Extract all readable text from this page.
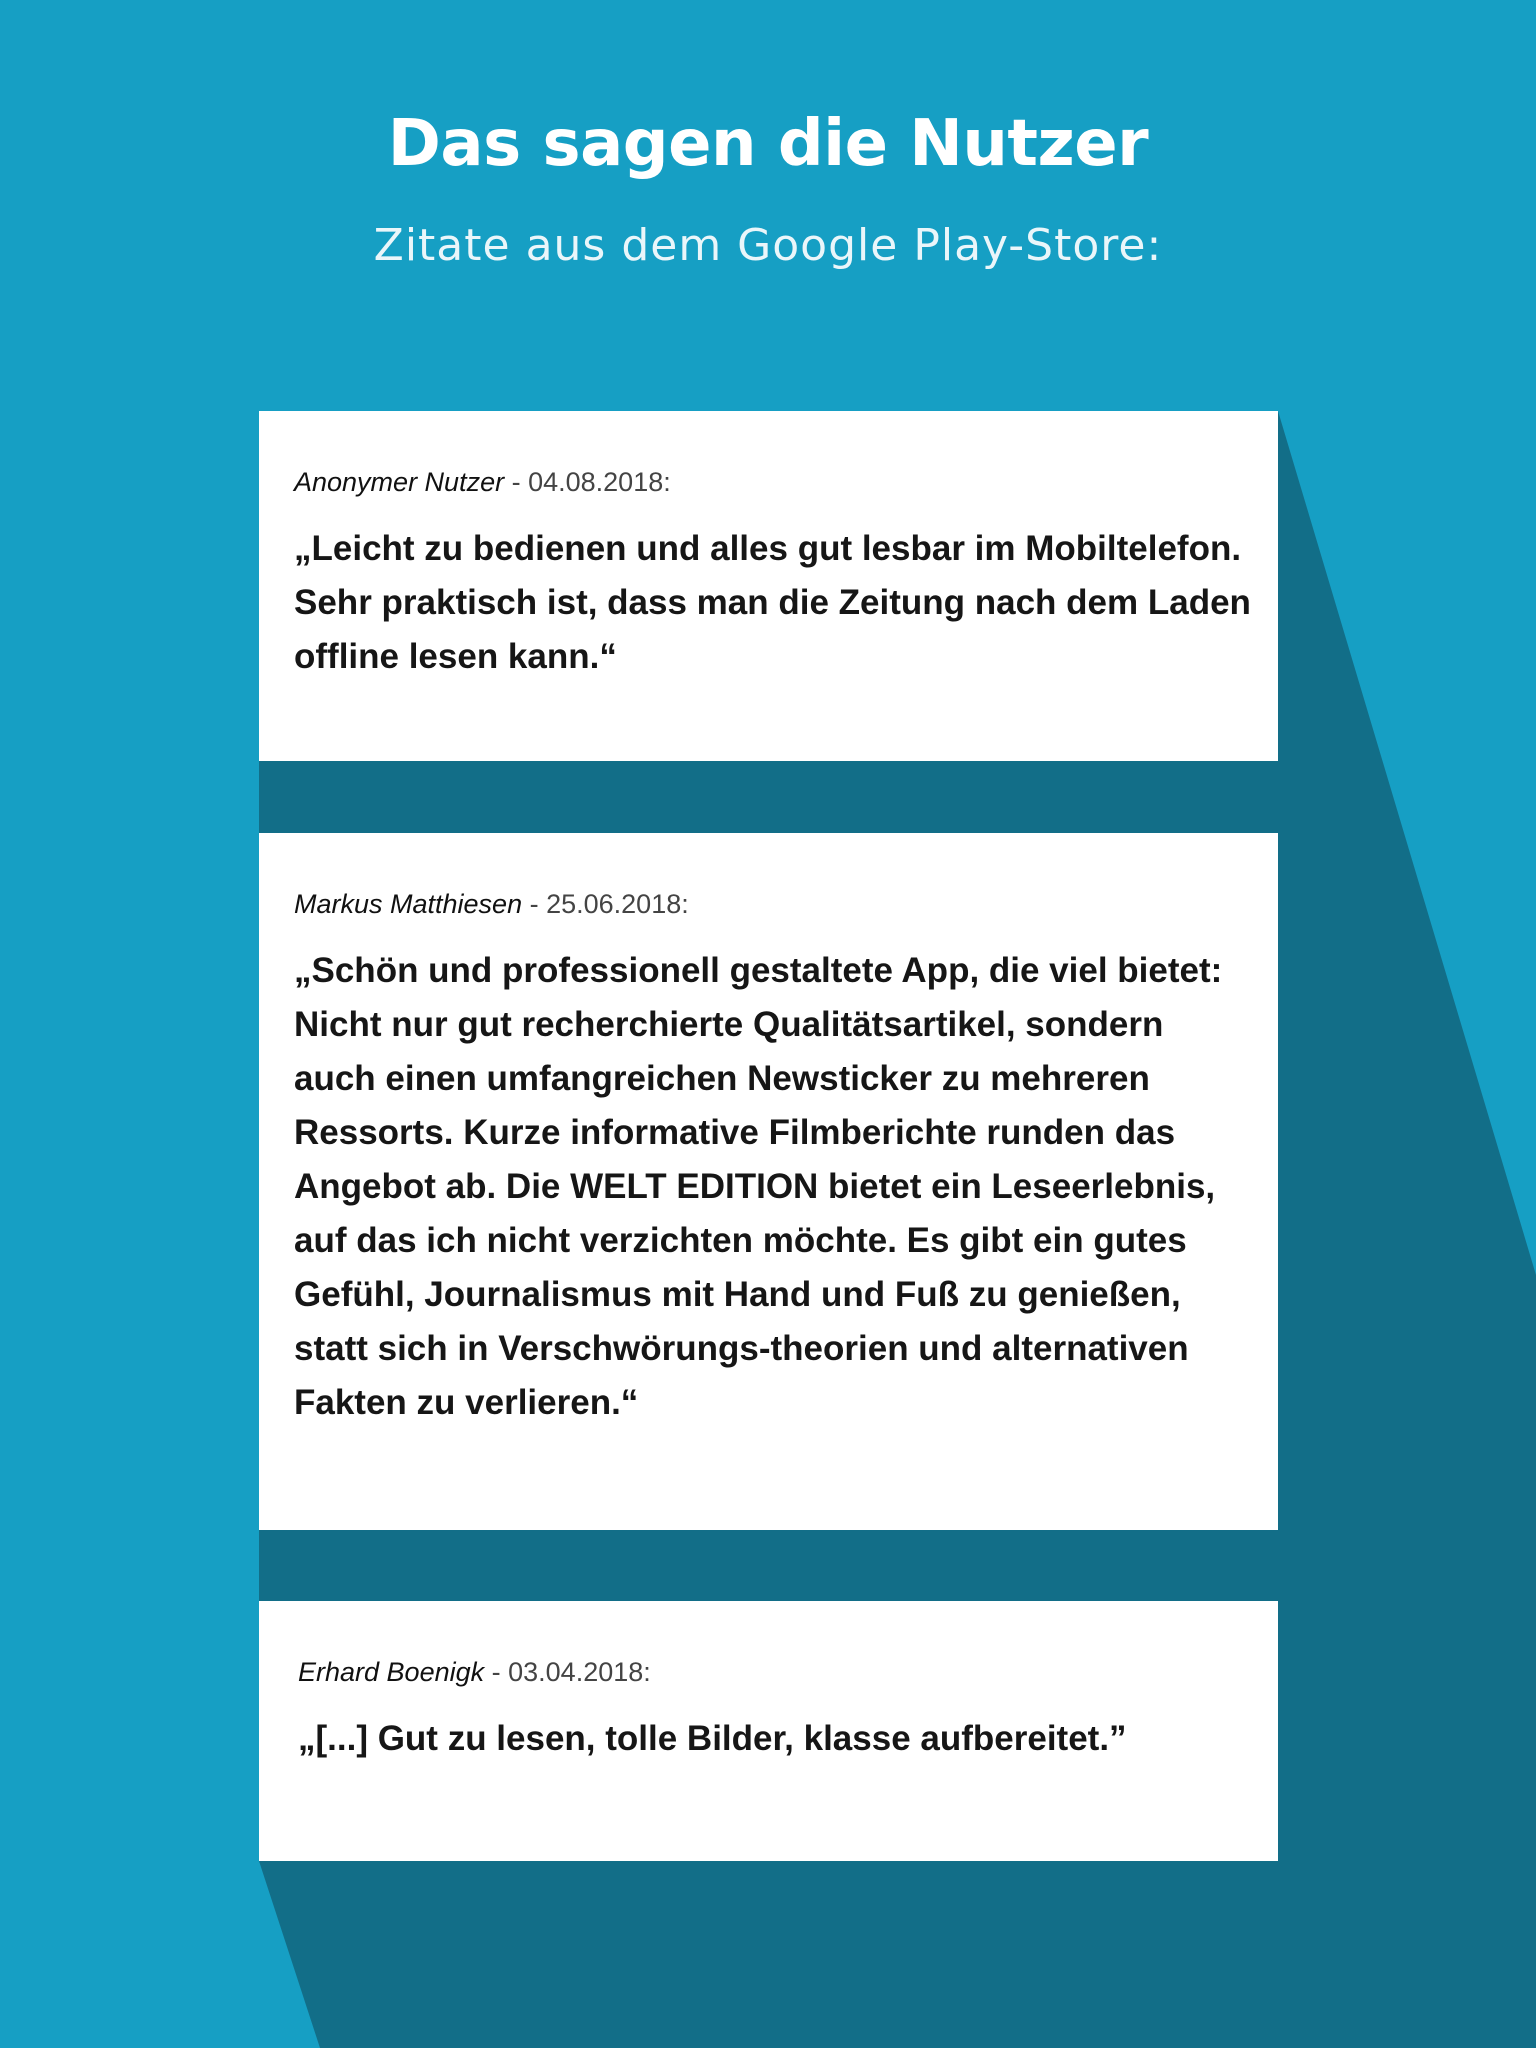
Das sagen die Nutzer
Zitate aus dem Google Play-Store:
Anonymer Nutzer - 04.08.2018:
„Leicht zu bedienen und alles gut lesbar im Mobiltelefon. Sehr praktisch ist, dass man die Zeitung nach dem Laden offline lesen kann.“
Markus Matthiesen - 25.06.2018:
„Schön und professionell gestaltete App, die viel bietet: Nicht nur gut recherchierte Qualitätsartikel, sondern auch einen umfangreichen Newsticker zu mehreren Ressorts. Kurze informative Filmberichte runden das Angebot ab. Die WELT EDITION bietet ein Leseerlebnis, auf das ich nicht verzichten möchte. Es gibt ein gutes Gefühl, Journalismus mit Hand und Fuß zu genießen, statt sich in Verschwörungs-theorien und alternativen Fakten zu verlieren.“
Erhard Boenigk - 03.04.2018:
„[...] Gut zu lesen, tolle Bilder, klasse aufbereitet.”
